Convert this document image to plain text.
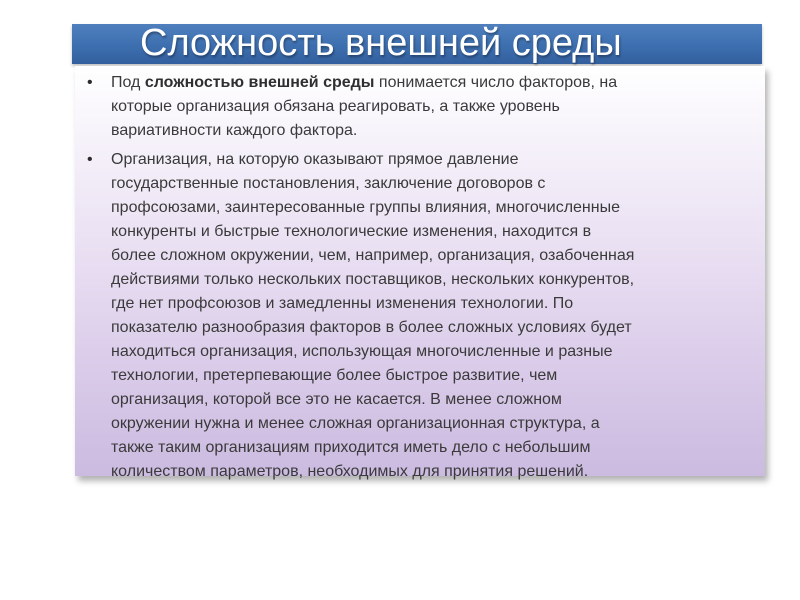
Сложность внешней среды
• Под сложностью внешней среды понимается число факторов, на
которые организация обязана реагировать, а также уровень
вариативности каждого фактора.

• Организация, на которую оказывают прямое давление
государственные постановления, заключение договоров с
профсоюзами, заинтересованные группы влияния, многочисленные
конкуренты и быстрые технологические изменения, находится в
более сложном окружении, чем, например, организация, озабоченная
действиями только нескольких поставщиков, нескольких конкурентов,
где нет профсоюзов и замедленны изменения технологии. По
показателю разнообразия факторов в более сложных условиях будет
находиться организация, использующая многочисленные и разные
технологии, претерпевающие более быстрое развитие, чем
организация, которой все это не касается. В менее сложном
окружении нужна и менее сложная организационная структура, а
также таким организациям приходится иметь дело с небольшим
количеством параметров, необходимых для принятия решений.
